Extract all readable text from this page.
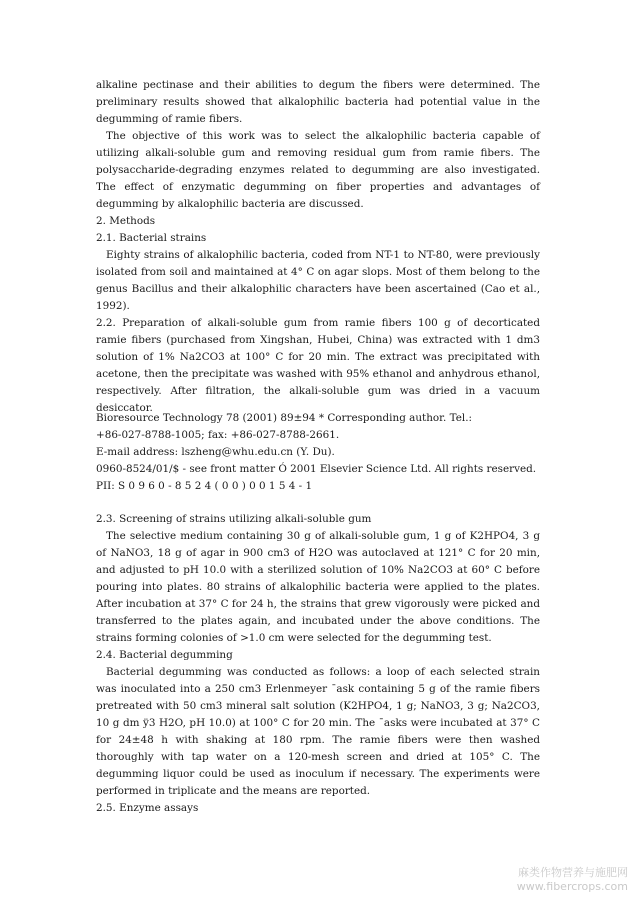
alkaline pectinase and their abilities to degum the fibers were determined. The preliminary results showed that alkalophilic bacteria had potential value in the degumming of ramie fibers.

The objective of this work was to select the alkalophilic bacteria capable of utilizing alkali-soluble gum and removing residual gum from ramie fibers. The polysaccharide-degrading enzymes related to degumming are also investigated. The effect of enzymatic degumming on fiber properties and advantages of degumming by alkalophilic bacteria are discussed.

2. Methods

2.1. Bacterial strains

Eighty strains of alkalophilic bacteria, coded from NT-1 to NT-80, were previously isolated from soil and maintained at 4° C on agar slops. Most of them belong to the genus Bacillus and their alkalophilic characters have been ascertained (Cao et al., 1992).

2.2. Preparation of alkali-soluble gum from ramie fibers 100 g of decorticated ramie fibers (purchased from Xingshan, Hubei, China) was extracted with 1 dm3 solution of 1% Na2CO3 at 100° C for 20 min. The extract was precipitated with acetone, then the precipitate was washed with 95% ethanol and anhydrous ethanol, respectively. After filtration, the alkali-soluble gum was dried in a vacuum desiccator.

Bioresource Technology 78 (2001) 89±94 * Corresponding author. Tel.:
+86-027-8788-1005; fax: +86-027-8788-2661.
E-mail address: lszheng@whu.edu.cn (Y. Du).
0960-8524/01/$ - see front matter Ó 2001 Elsevier Science Ltd. All rights reserved.
PII: S 0 9 6 0 - 8 5 2 4 ( 0 0 ) 0 0 1 5 4 - 1

2.3. Screening of strains utilizing alkali-soluble gum

The selective medium containing 30 g of alkali-soluble gum, 1 g of K2HPO4, 3 g of NaNO3, 18 g of agar in 900 cm3 of H2O was autoclaved at 121° C for 20 min, and adjusted to pH 10.0 with a sterilized solution of 10% Na2CO3 at 60° C before pouring into plates. 80 strains of alkalophilic bacteria were applied to the plates. After incubation at 37° C for 24 h, the strains that grew vigorously were picked and transferred to the plates again, and incubated under the above conditions. The strains forming colonies of >1.0 cm were selected for the degumming test.

2.4. Bacterial degumming

Bacterial degumming was conducted as follows: a loop of each selected strain was inoculated into a 250 cm3 Erlenmeyer ¯ask containing 5 g of the ramie fibers pretreated with 50 cm3 mineral salt solution (K2HPO4, 1 g; NaNO3, 3 g; Na2CO3, 10 g dm ÿ3 H2O, pH 10.0) at 100° C for 20 min. The ¯asks were incubated at 37° C for 24±48 h with shaking at 180 rpm. The ramie fibers were then washed thoroughly with tap water on a 120-mesh screen and dried at 105° C. The degumming liquor could be used as inoculum if necessary. The experiments were performed in triplicate and the means are reported.

2.5. Enzyme assays

麻类作物营养与施肥网
www.fibercrops.com
